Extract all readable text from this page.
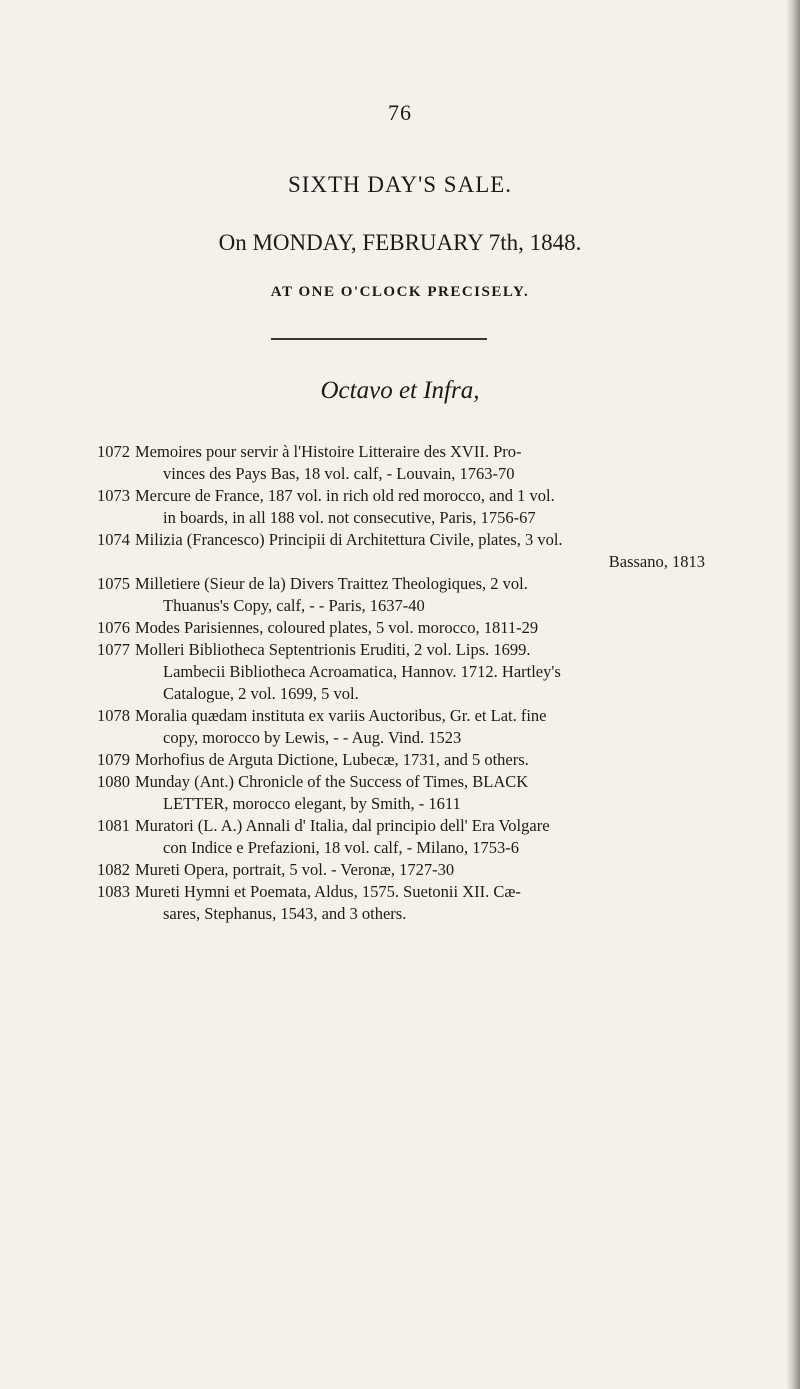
76
SIXTH DAY'S SALE.
On MONDAY, FEBRUARY 7th, 1848.
AT ONE O'CLOCK PRECISELY.
Octavo et Infra,
1072 Memoires pour servir à l'Histoire Litteraire des XVII. Pro-
vinces des Pays Bas, 18 vol. calf, - Louvain, 1763-70
1073 Mercure de France, 187 vol. in rich old red morocco, and 1 vol.
in boards, in all 188 vol. not consecutive, Paris, 1756-67
1074 Milizia (Francesco) Principii di Architettura Civile, plates, 3 vol.
Bassano, 1813
1075 Milletiere (Sieur de la) Divers Traittez Theologiques, 2 vol.
Thuanus's Copy, calf, - - Paris, 1637-40
1076 Modes Parisiennes, coloured plates, 5 vol. morocco, 1811-29
1077 Molleri Bibliotheca Septentrionis Eruditi, 2 vol. Lips. 1699.
Lambecii Bibliotheca Acroamatica, Hannov. 1712. Hartley's
Catalogue, 2 vol. 1699, 5 vol.
1078 Moralia quædam instituta ex variis Auctoribus, Gr. et Lat. fine
copy, morocco by Lewis, - - Aug. Vind. 1523
1079 Morhofius de Arguta Dictione, Lubecæ, 1731, and 5 others.
1080 Munday (Ant.) Chronicle of the Success of Times, BLACK
LETTER, morocco elegant, by Smith, - 1611
1081 Muratori (L. A.) Annali d' Italia, dal principio dell' Era Volgare
con Indice e Prefazioni, 18 vol. calf, - Milano, 1753-6
1082 Mureti Opera, portrait, 5 vol. - Veronæ, 1727-30
1083 Mureti Hymni et Poemata, Aldus, 1575. Suetonii XII. Cæ-
sares, Stephanus, 1543, and 3 others.
